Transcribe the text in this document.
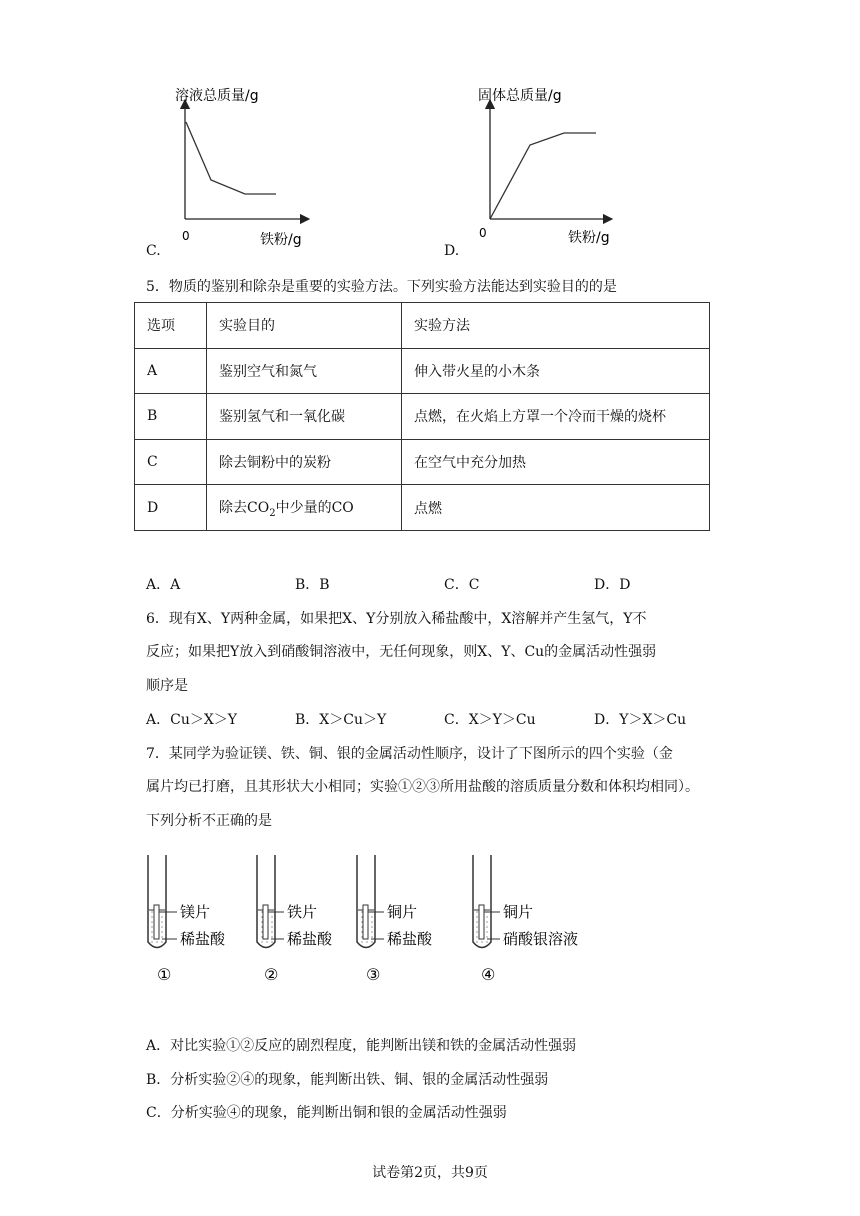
C.
溶液总质量/g
0	铁粉/g
D.
固体总质量/g
0	铁粉/g
5．物质的鉴别和除杂是重要的实验方法。下列实验方法能达到实验目的的是
选项	实验目的	实验方法
A	鉴别空气和氮气	伸入带火星的小木条
B	鉴别氢气和一氧化碳	点燃，在火焰上方罩一个冷而干燥的烧杯
C	除去铜粉中的炭粉	在空气中充分加热
D	除去$CO_2$中少量的CO	点燃
A．A	B．B	C．C	D．D
6．现有X、Y两种金属，如果把X、Y分别放入稀盐酸中，X溶解并产生氢气，Y不
反应；如果把Y放入到硝酸铜溶液中，无任何现象，则X、Y、Cu的金属活动性强弱
顺序是
A．Cu＞X＞Y	B．X＞Cu＞Y	C．X＞Y＞Cu	D．Y＞X＞Cu
7．某同学为验证镁、铁、铜、银的金属活动性顺序，设计了下图所示的四个实验（金
属片均已打磨，且其形状大小相同；实验①②③所用盐酸的溶质质量分数和体积均相同）。
下列分析不正确的是
镁片
稀盐酸
①
铁片
稀盐酸
②
铜片
稀盐酸
③
铜片
硝酸银溶液
④
A．对比实验①②反应的剧烈程度，能判断出镁和铁的金属活动性强弱
B．分析实验②④的现象，能判断出铁、铜、银的金属活动性强弱
C．分析实验④的现象，能判断出铜和银的金属活动性强弱
试卷第2页，共9页
